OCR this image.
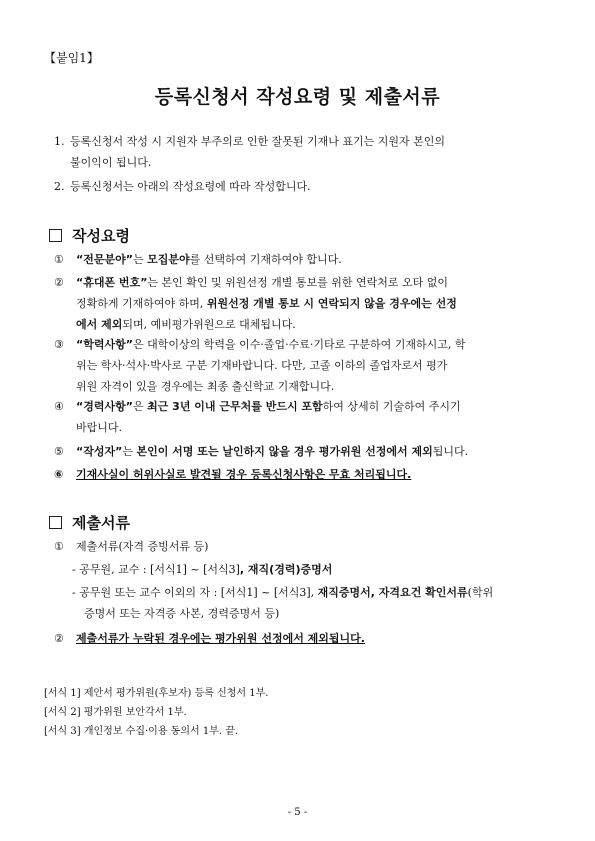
【붙임1】
등록신청서 작성요령 및 제출서류
1. 등록신청서 작성 시 지원자 부주의로 인한 잘못된 기재나 표기는 지원자 본인의
불이익이 됩니다.
2. 등록신청서는 아래의 작성요령에 따라 작성합니다.
작성요령
① “전문분야”는 모집분야를 선택하여 기재하여야 합니다.
② “휴대폰 번호”는 본인 확인 및 위원선정 개별 통보를 위한 연락처로 오타 없이
정확하게 기재하여야 하며, 위원선정 개별 통보 시 연락되지 않을 경우에는 선정
에서 제외되며, 예비평가위원으로 대체됩니다.
③ “학력사항”은 대학이상의 학력을 이수·졸업·수료·기타로 구분하여 기재하시고, 학
위는 학사·석사·박사로 구분 기재바랍니다. 다만, 고졸 이하의 졸업자로서 평가
위원 자격이 있을 경우에는 최종 출신학교 기재합니다.
④ “경력사항”은 최근 3년 이내 근무처를 반드시 포함하여 상세히 기술하여 주시기
바랍니다.
⑤ “작성자”는 본인이 서명 또는 날인하지 않을 경우 평가위원 선정에서 제외됩니다.
⑥ 기재사실이 허위사실로 발견될 경우 등록신청사항은 무효 처리됩니다.
제출서류
① 제출서류(자격 증빙서류 등)
- 공무원, 교수 : [서식1] ~ [서식3], 재직(경력)증명서
- 공무원 또는 교수 이외의 자 : [서식1] ~ [서식3], 재직증명서, 자격요건 확인서류(학위
증명서 또는 자격증 사본, 경력증명서 등)
② 제출서류가 누락된 경우에는 평가위원 선정에서 제외됩니다.
[서식 1] 제안서 평가위원(후보자) 등록 신청서 1부.
[서식 2] 평가위원 보안각서 1부.
[서식 3] 개인정보 수집·이용 동의서 1부. 끝.
- 5 -
